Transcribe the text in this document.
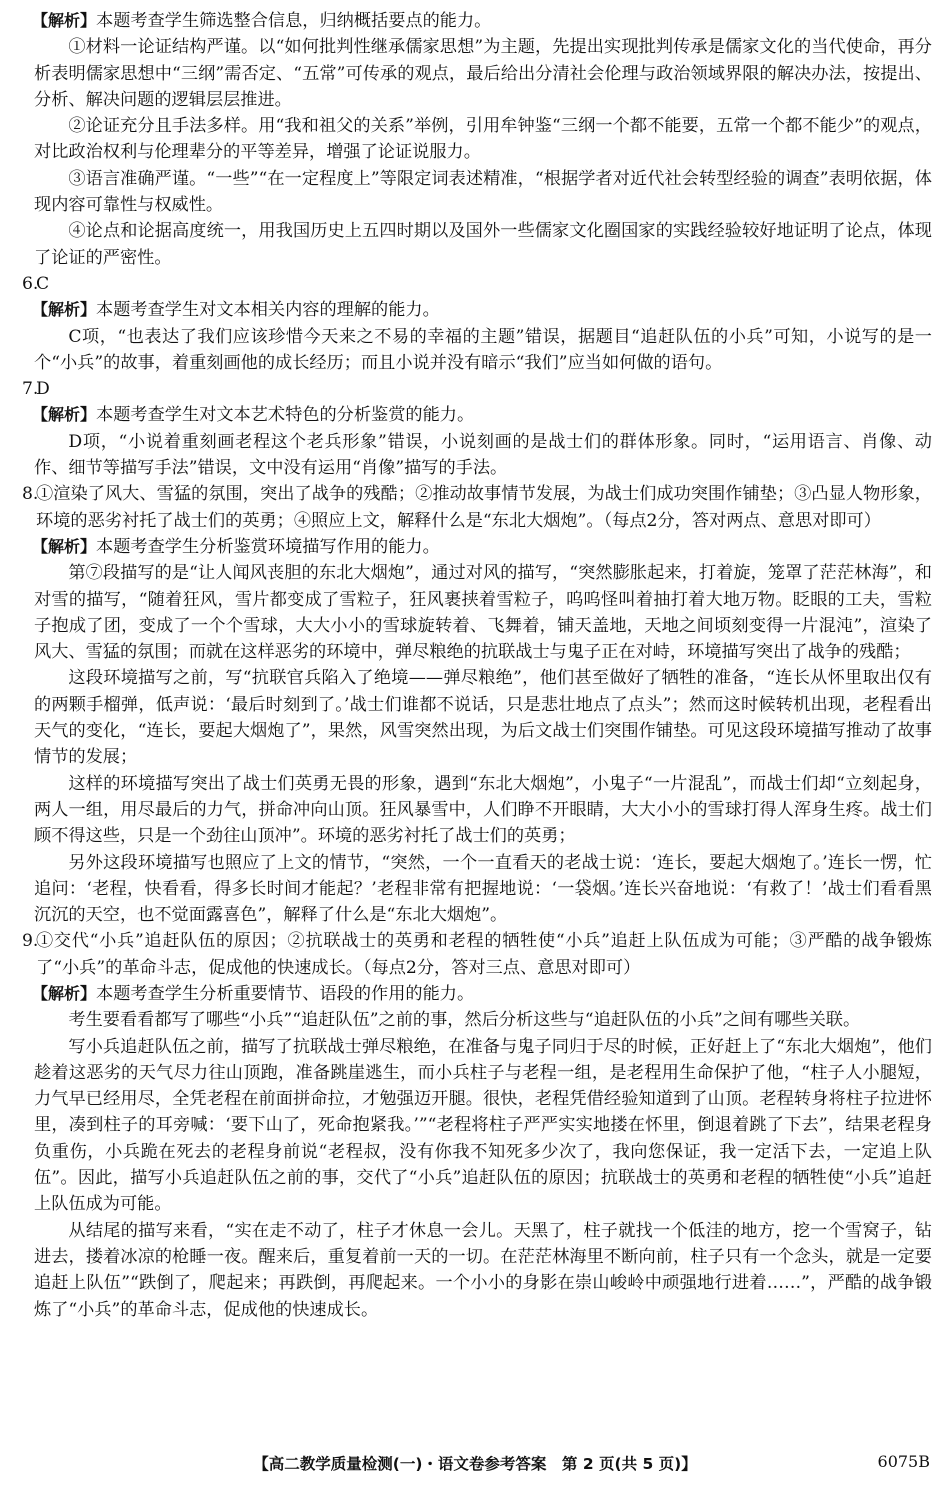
【解析】本题考查学生筛选整合信息，归纳概括要点的能力。

①材料一论证结构严谨。以“如何批判性继承儒家思想”为主题，先提出实现批判传承是儒家文化的当代使命，再分析表明儒家思想中“三纲”需否定、“五常”可传承的观点，最后给出分清社会伦理与政治领域界限的解决办法，按提出、分析、解决问题的逻辑层层推进。

②论证充分且手法多样。用“我和祖父的关系”举例，引用牟钟鉴“三纲一个都不能要，五常一个都不能少”的观点，对比政治权利与伦理辈分的平等差异，增强了论证说服力。

③语言准确严谨。“一些”“在一定程度上”等限定词表述精准，“根据学者对近代社会转型经验的调查”表明依据，体现内容可靠性与权威性。

④论点和论据高度统一，用我国历史上五四时期以及国外一些儒家文化圈国家的实践经验较好地证明了论点，体现了论证的严密性。

6.
C

【解析】本题考查学生对文本相关内容的理解的能力。

C项，“也表达了我们应该珍惜今天来之不易的幸福的主题”错误，据题目“追赶队伍的小兵”可知，小说写的是一个“小兵”的故事，着重刻画他的成长经历；而且小说并没有暗示“我们”应当如何做的语句。

7.
D

【解析】本题考查学生对文本艺术特色的分析鉴赏的能力。

D项，“小说着重刻画老程这个老兵形象”错误，小说刻画的是战士们的群体形象。同时，“运用语言、肖像、动作、细节等描写手法”错误，文中没有运用“肖像”描写的手法。

8.
①渲染了风大、雪猛的氛围，突出了战争的残酷；②推动故事情节发展，为战士们成功突围作铺垫；③凸显人物形象，环境的恶劣衬托了战士们的英勇；④照应上文，解释什么是“东北大烟炮”。（每点2分，答对两点、意思对即可）

【解析】本题考查学生分析鉴赏环境描写作用的能力。

第⑦段描写的是“让人闻风丧胆的东北大烟炮”，通过对风的描写，“突然膨胀起来，打着旋，笼罩了茫茫林海”，和对雪的描写，“随着狂风，雪片都变成了雪粒子，狂风裹挟着雪粒子，呜呜怪叫着抽打着大地万物。眨眼的工夫，雪粒子抱成了团，变成了一个个雪球，大大小小的雪球旋转着、飞舞着，铺天盖地，天地之间顷刻变得一片混沌”，渲染了风大、雪猛的氛围；而就在这样恶劣的环境中，弹尽粮绝的抗联战士与鬼子正在对峙，环境描写突出了战争的残酷；

这段环境描写之前，写“抗联官兵陷入了绝境——弹尽粮绝”，他们甚至做好了牺牲的准备，“连长从怀里取出仅有的两颗手榴弹，低声说：‘最后时刻到了。’战士们谁都不说话，只是悲壮地点了点头”；然而这时候转机出现，老程看出天气的变化，“连长，要起大烟炮了”，果然，风雪突然出现，为后文战士们突围作铺垫。可见这段环境描写推动了故事情节的发展；

这样的环境描写突出了战士们英勇无畏的形象，遇到“东北大烟炮”，小鬼子“一片混乱”，而战士们却“立刻起身，两人一组，用尽最后的力气，拼命冲向山顶。狂风暴雪中，人们睁不开眼睛，大大小小的雪球打得人浑身生疼。战士们顾不得这些，只是一个劲往山顶冲”。环境的恶劣衬托了战士们的英勇；

另外这段环境描写也照应了上文的情节，“突然，一个一直看天的老战士说：‘连长，要起大烟炮了。’连长一愣，忙追问：‘老程，快看看，得多长时间才能起？’老程非常有把握地说：‘一袋烟。’连长兴奋地说：‘有救了！’战士们看看黑沉沉的天空，也不觉面露喜色”，解释了什么是“东北大烟炮”。

9.
①交代“小兵”追赶队伍的原因；②抗联战士的英勇和老程的牺牲使“小兵”追赶上队伍成为可能；③严酷的战争锻炼了“小兵”的革命斗志，促成他的快速成长。（每点2分，答对三点、意思对即可）

【解析】本题考查学生分析重要情节、语段的作用的能力。

考生要看看都写了哪些“小兵”“追赶队伍”之前的事，然后分析这些与“追赶队伍的小兵”之间有哪些关联。

写小兵追赶队伍之前，描写了抗联战士弹尽粮绝，在准备与鬼子同归于尽的时候，正好赶上了“东北大烟炮”，他们趁着这恶劣的天气尽力往山顶跑，准备跳崖逃生，而小兵柱子与老程一组，是老程用生命保护了他，“柱子人小腿短，力气早已经用尽，全凭老程在前面拼命拉，才勉强迈开腿。很快，老程凭借经验知道到了山顶。老程转身将柱子拉进怀里，凑到柱子的耳旁喊：‘要下山了，死命抱紧我。’”“老程将柱子严严实实地搂在怀里，倒退着跳了下去”，结果老程身负重伤，小兵跪在死去的老程身前说“老程叔，没有你我不知死多少次了，我向您保证，我一定活下去，一定追上队伍”。因此，描写小兵追赶队伍之前的事，交代了“小兵”追赶队伍的原因；抗联战士的英勇和老程的牺牲使“小兵”追赶上队伍成为可能。

从结尾的描写来看，“实在走不动了，柱子才休息一会儿。天黑了，柱子就找一个低洼的地方，挖一个雪窝子，钻进去，搂着冰凉的枪睡一夜。醒来后，重复着前一天的一切。在茫茫林海里不断向前，柱子只有一个念头，就是一定要追赶上队伍”“跌倒了，爬起来；再跌倒，再爬起来。一个小小的身影在崇山峻岭中顽强地行进着……”，严酷的战争锻炼了“小兵”的革命斗志，促成他的快速成长。

【高二教学质量检测(一)・语文卷参考答案　第 2 页(共 5 页)】	6075B
